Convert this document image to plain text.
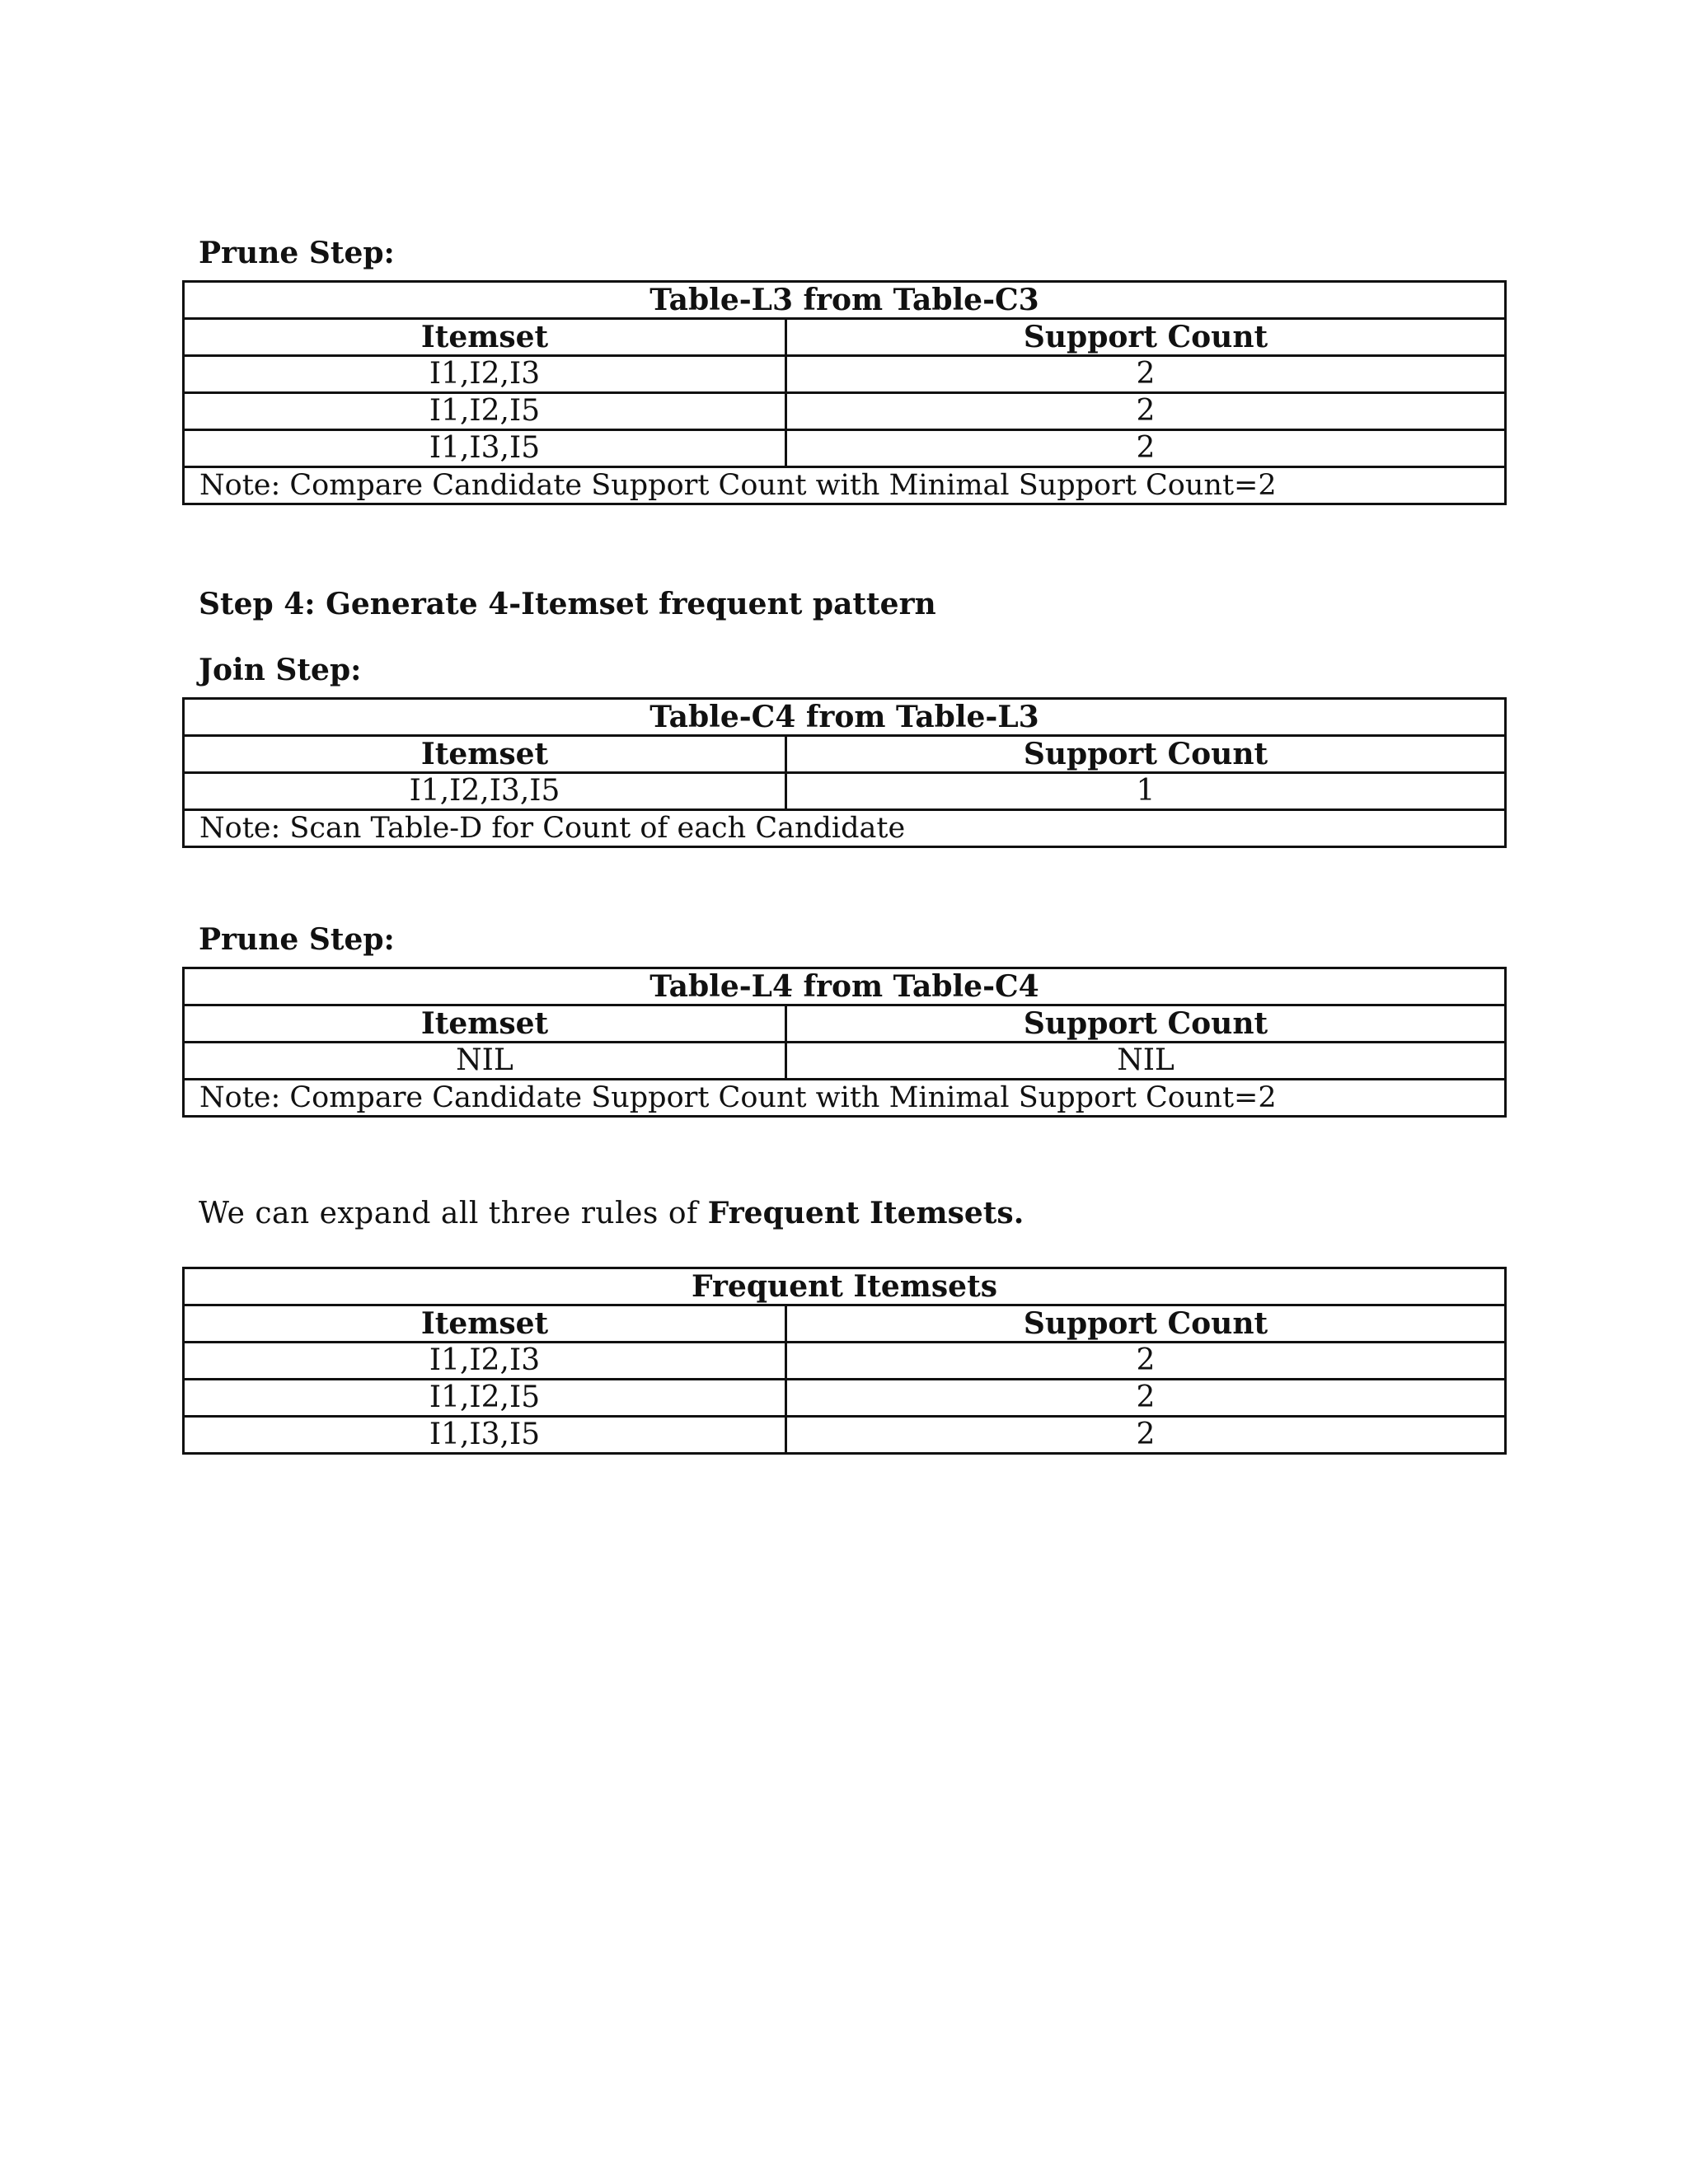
Prune Step:
Table-L3 from Table-C3	
Itemset	Support Count
I1,I2,I3	2
I1,I2,I5	2
I1,I3,I5	2
Note: Compare Candidate Support Count with Minimal Support Count=2	
Step 4: Generate 4-Itemset frequent pattern
Join Step:
Table-C4 from Table-L3	
Itemset	Support Count
I1,I2,I3,I5	1
Note: Scan Table-D for Count of each Candidate	
Prune Step:
Table-L4 from Table-C4	
Itemset	Support Count
NIL	NIL
Note: Compare Candidate Support Count with Minimal Support Count=2	

We can expand all three rules of Frequent Itemsets.

Frequent Itemsets	
Itemset	Support Count
I1,I2,I3	2
I1,I2,I5	2
I1,I3,I5	2
